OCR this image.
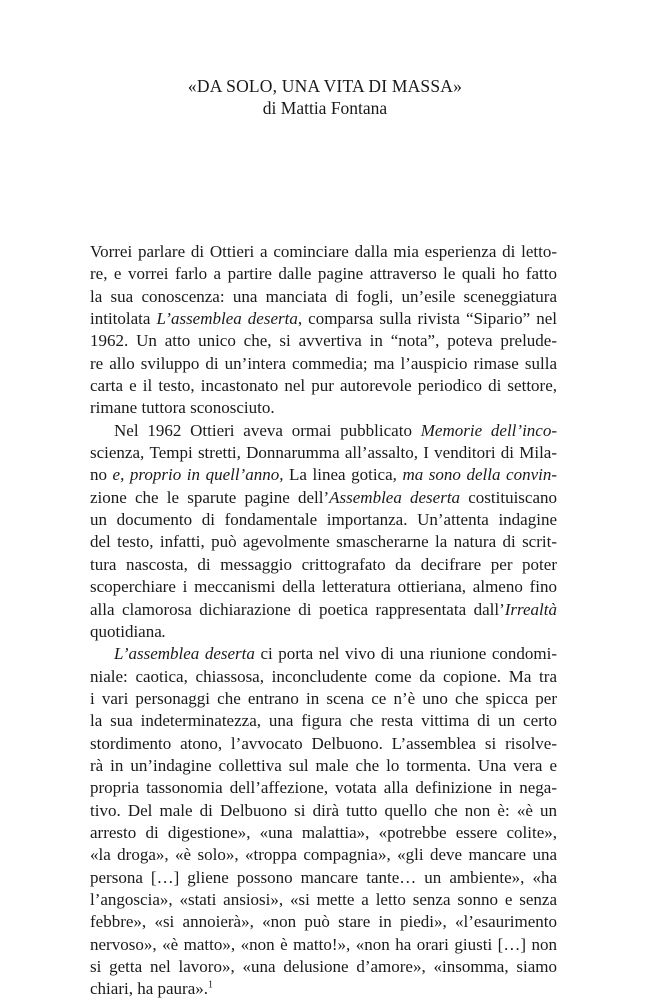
«DA SOLO, UNA VITA DI MASSA»

di Mattia Fontana

Vorrei parlare di Ottieri a cominciare dalla mia esperienza di letto-
re, e vorrei farlo a partire dalle pagine attraverso le quali ho fatto
la sua conoscenza: una manciata di fogli, un’esile sceneggiatura
intitolata L’assemblea deserta, comparsa sulla rivista “Sipario” nel
1962. Un atto unico che, si avvertiva in “nota”, poteva prelude-
re allo sviluppo di un’intera commedia; ma l’auspicio rimase sulla
carta e il testo, incastonato nel pur autorevole periodico di settore,
rimane tuttora sconosciuto.
Nel 1962 Ottieri aveva ormai pubblicato Memorie dell’inco-
scienza, Tempi stretti, Donnarumma all’assalto, I venditori di Mila-
no e, proprio in quell’anno, La linea gotica, ma sono della convin-
zione che le sparute pagine dell’Assemblea deserta costituiscano
un documento di fondamentale importanza. Un’attenta indagine
del testo, infatti, può agevolmente smascherarne la natura di scrit-
tura nascosta, di messaggio crittografato da decifrare per poter
scoperchiare i meccanismi della letteratura ottieriana, almeno fino
alla clamorosa dichiarazione di poetica rappresentata dall’Irrealtà
quotidiana.
L’assemblea deserta ci porta nel vivo di una riunione condomi-
niale: caotica, chiassosa, inconcludente come da copione. Ma tra
i vari personaggi che entrano in scena ce n’è uno che spicca per
la sua indeterminatezza, una figura che resta vittima di un certo
stordimento atono, l’avvocato Delbuono. L’assemblea si risolve-
rà in un’indagine collettiva sul male che lo tormenta. Una vera e
propria tassonomia dell’affezione, votata alla definizione in nega-
tivo. Del male di Delbuono si dirà tutto quello che non è: «è un
arresto di digestione», «una malattia», «potrebbe essere colite»,
«la droga», «è solo», «troppa compagnia», «gli deve mancare una
persona […] gliene possono mancare tante… un ambiente», «ha
l’angoscia», «stati ansiosi», «si mette a letto senza sonno e senza
febbre», «si annoierà», «non può stare in piedi», «l’esaurimento
nervoso», «è matto», «non è matto!», «non ha orari giusti […] non
si getta nel lavoro», «una delusione d’amore», «insomma, siamo
chiari, ha paura».$^1$
